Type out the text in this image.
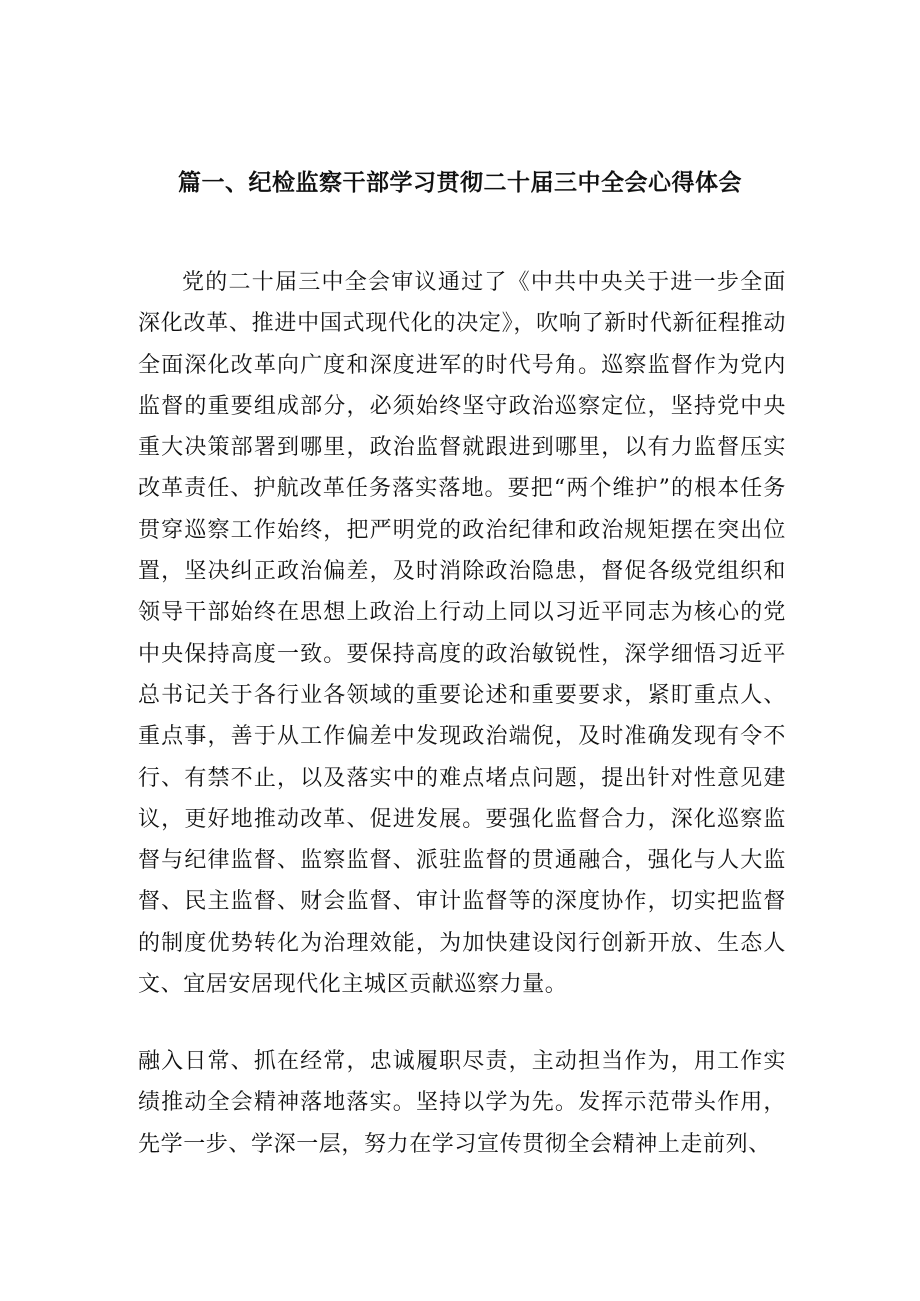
篇一、纪检监察干部学习贯彻二十届三中全会心得体会

党的二十届三中全会审议通过了《中共中央关于进一步全面深化改革、推进中国式现代化的决定》，吹响了新时代新征程推动全面深化改革向广度和深度进军的时代号角。巡察监督作为党内监督的重要组成部分，必须始终坚守政治巡察定位，坚持党中央重大决策部署到哪里，政治监督就跟进到哪里，以有力监督压实改革责任、护航改革任务落实落地。要把“两个维护”的根本任务贯穿巡察工作始终，把严明党的政治纪律和政治规矩摆在突出位置，坚决纠正政治偏差，及时消除政治隐患，督促各级党组织和领导干部始终在思想上政治上行动上同以习近平同志为核心的党中央保持高度一致。要保持高度的政治敏锐性，深学细悟习近平总书记关于各行业各领域的重要论述和重要要求，紧盯重点人、重点事，善于从工作偏差中发现政治端倪，及时准确发现有令不行、有禁不止，以及落实中的难点堵点问题，提出针对性意见建议，更好地推动改革、促进发展。要强化监督合力，深化巡察监督与纪律监督、监察监督、派驻监督的贯通融合，强化与人大监督、民主监督、财会监督、审计监督等的深度协作，切实把监督的制度优势转化为治理效能，为加快建设闵行创新开放、生态人文、宜居安居现代化主城区贡献巡察力量。

融入日常、抓在经常，忠诚履职尽责，主动担当作为，用工作实绩推动全会精神落地落实。坚持以学为先。发挥示范带头作用，先学一步、学深一层，努力在学习宣传贯彻全会精神上走前列、
